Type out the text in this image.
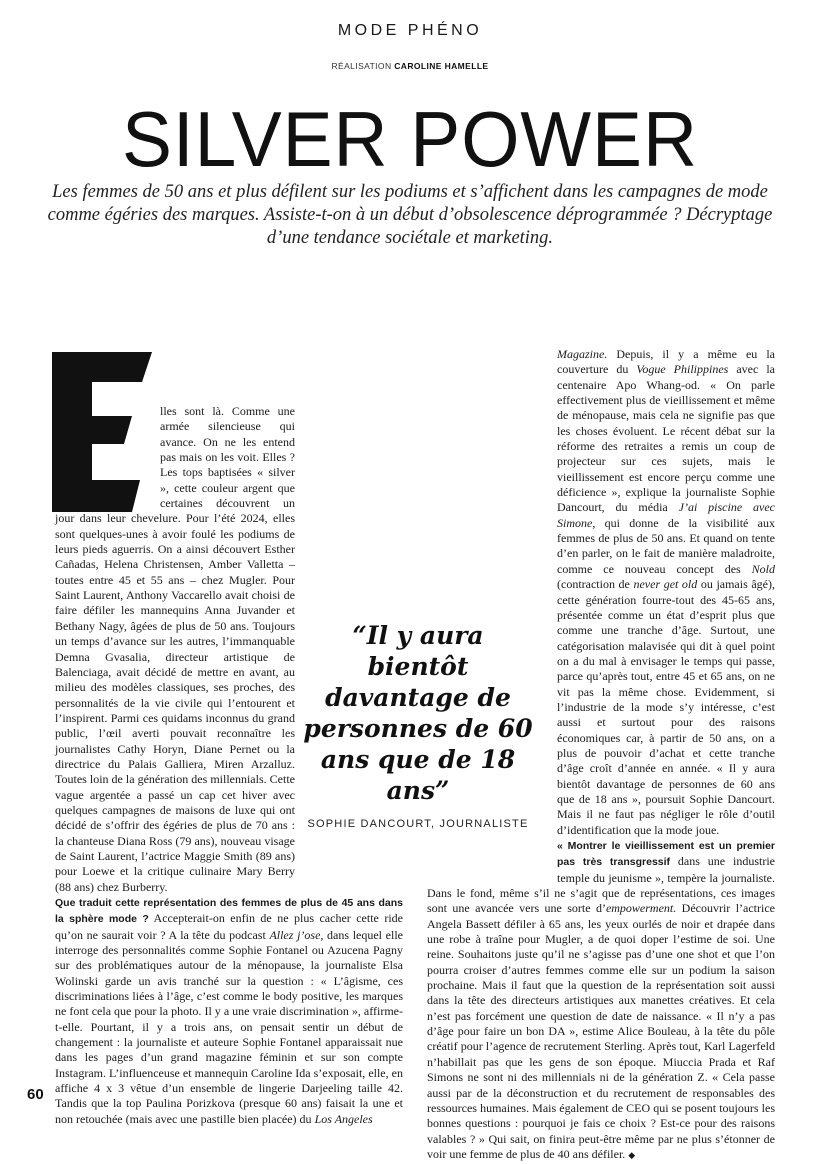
MODE PHÉNO
RÉALISATION CAROLINE HAMELLE
SILVER POWER

Les femmes de 50 ans et plus défilent sur les podiums et s’affichent dans les campagnes de mode comme égéries des marques. Assiste-t-on à un début d’obsolescence déprogrammée ? Décryptage d’une tendance sociétale et marketing.

lles sont là. Comme une armée silencieuse qui avance. On ne les entend pas mais on les voit. Elles ? Les tops baptisées « silver », cette couleur argent que certaines découvrent un jour dans leur chevelure. Pour l’été 2024, elles sont quelques-unes à avoir foulé les podiums de leurs pieds aguerris. On a ainsi découvert Esther Cañadas, Helena Christensen, Amber Valletta – toutes entre 45 et 55 ans – chez Mugler. Pour Saint Laurent, Anthony Vaccarello avait choisi de faire défiler les mannequins Anna Juvander et Bethany Nagy, âgées de plus de 50 ans. Toujours un temps d’avance sur les autres, l’immanquable Demna Gvasalia, directeur artistique de Balenciaga, avait décidé de mettre en avant, au milieu des modèles classiques, ses proches, des personnalités de la vie civile qui l’entourent et l’inspirent. Parmi ces quidams inconnus du grand public, l’œil averti pouvait reconnaître les journalistes Cathy Horyn, Diane Pernet ou la directrice du Palais Galliera, Miren Arzalluz. Toutes loin de la génération des millennials. Cette vague argentée a passé un cap cet hiver avec quelques campagnes de maisons de luxe qui ont décidé de s’offrir des égéries de plus de 70 ans : la chanteuse Diana Ross (79 ans), nouveau visage de Saint Laurent, l’actrice Maggie Smith (89 ans) pour Loewe et la critique culinaire Mary Berry (88 ans) chez Burberry.

Que traduit cette représentation des femmes de plus de 45 ans dans la sphère mode ? Accepterait-on enfin de ne plus cacher cette ride qu’on ne saurait voir ? A la tête du podcast Allez j’ose, dans lequel elle interroge des personnalités comme Sophie Fontanel ou Azucena Pagny sur des problématiques autour de la ménopause, la journaliste Elsa Wolinski garde un avis tranché sur la question : « L’âgisme, ces discriminations liées à l’âge, c’est comme le body positive, les marques ne font cela que pour la photo. Il y a une vraie discrimination », affirme-t-elle. Pourtant, il y a trois ans, on pensait sentir un début de changement : la journaliste et auteure Sophie Fontanel apparaissait nue dans les pages d’un grand magazine féminin et sur son compte Instagram. L’influenceuse et mannequin Caroline Ida s’exposait, elle, en affiche 4 x 3 vêtue d’un ensemble de lingerie Darjeeling taille 42. Tandis que la top Paulina Porizkova (presque 60 ans) faisait la une et non retouchée (mais avec une pastille bien placée) du Los Angeles

Magazine. Depuis, il y a même eu la couverture du Vogue Philippines avec la centenaire Apo Whang-od. « On parle effectivement plus de vieillissement et même de ménopause, mais cela ne signifie pas que les choses évoluent. Le récent débat sur la réforme des retraites a remis un coup de projecteur sur ces sujets, mais le vieillissement est encore perçu comme une déficience », explique la journaliste Sophie Dancourt, du média J’ai piscine avec Simone, qui donne de la visibilité aux femmes de plus de 50 ans. Et quand on tente d’en parler, on le fait de manière maladroite, comme ce nouveau concept des Nold (contraction de never get old ou jamais âgé), cette génération fourre-tout des 45-65 ans, présentée comme un état d’esprit plus que comme une tranche d’âge. Surtout, une catégorisation malavisée qui dit à quel point on a du mal à envisager le temps qui passe, parce qu’après tout, entre 45 et 65 ans, on ne vit pas la même chose. Evidemment, si l’industrie de la mode s’y intéresse, c’est aussi et surtout pour des raisons économiques car, à partir de 50 ans, on a plus de pouvoir d’achat et cette tranche d’âge croît d’année en année. « Il y aura bientôt davantage de personnes de 60 ans que de 18 ans », poursuit Sophie Dancourt. Mais il ne faut pas négliger le rôle d’outil d’identification que la mode joue.

« Montrer le vieillissement est un premier pas très transgressif dans une industrie temple du jeunisme », tempère la journaliste. Dans le fond, même s’il ne s’agit que de représentations, ces images sont une avancée vers une sorte d’empowerment. Découvrir l’actrice Angela Bassett défiler à 65 ans, les yeux ourlés de noir et drapée dans une robe à traîne pour Mugler, a de quoi doper l’estime de soi. Une reine. Souhaitons juste qu’il ne s’agisse pas d’une one shot et que l’on pourra croiser d’autres femmes comme elle sur un podium la saison prochaine. Mais il faut que la question de la représentation soit aussi dans la tête des directeurs artistiques aux manettes créatives. Et cela n’est pas forcément une question de date de naissance. « Il n’y a pas d’âge pour faire un bon DA », estime Alice Bouleau, à la tête du pôle créatif pour l’agence de recrutement Sterling. Après tout, Karl Lagerfeld n’habillait pas que les gens de son époque. Miuccia Prada et Raf Simons ne sont ni des millennials ni de la génération Z. « Cela passe aussi par de la déconstruction et du recrutement de responsables des ressources humaines. Mais également de CEO qui se posent toujours les bonnes questions : pourquoi je fais ce choix ? Est-ce pour des raisons valables ? » Qui sait, on finira peut-être même par ne plus s’étonner de voir une femme de plus de 40 ans défiler. ◆

“Il y aura bientôt davantage de personnes de 60 ans que de 18 ans”
SOPHIE DANCOURT, JOURNALISTE
60
